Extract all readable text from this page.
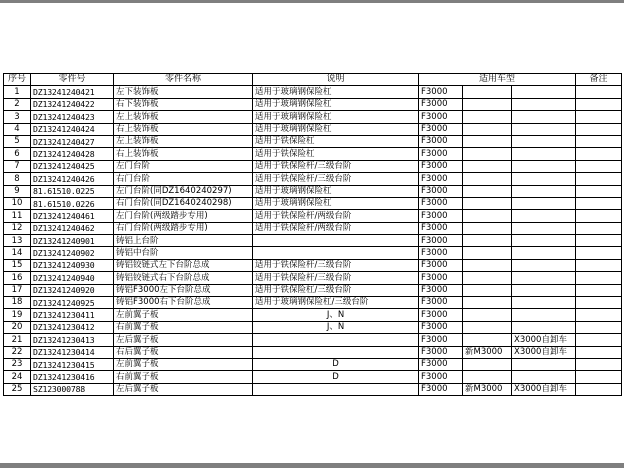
序号	零件号	零件名称	说明	适用车型			备注
1	DZ13241240421	左下装饰板	适用于玻璃钢保险杠	F3000			
2	DZ13241240422	右下装饰板	适用于玻璃钢保险杠	F3000			
3	DZ13241240423	左上装饰板	适用于玻璃钢保险杠	F3000			
4	DZ13241240424	右上装饰板	适用于玻璃钢保险杠	F3000			
5	DZ13241240427	左上装饰板	适用于铁保险杠	F3000			
6	DZ13241240428	右上装饰板	适用于铁保险杠	F3000			
7	DZ13241240425	左门台阶	适用于铁保险杆/三级台阶	F3000			
8	DZ13241240426	右门台阶	适用于铁保险杆/三级台阶	F3000			
9	81.61510.0225	左门台阶(同DZ1640240297)	适用于玻璃钢保险杠	F3000			
10	81.61510.0226	右门台阶(同DZ1640240298)	适用于玻璃钢保险杠	F3000			
11	DZ13241240461	左门台阶(两级踏步专用)	适用于铁保险杆/两级台阶	F3000			
12	DZ13241240462	右门台阶(两级踏步专用)	适用于铁保险杆/两级台阶	F3000			
13	DZ13241240901	铸铝上台阶		F3000			
14	DZ13241240902	铸铝中台阶		F3000			
15	DZ13241240930	铸铝铰链式左下台阶总成	适用于铁保险杆/三级台阶	F3000			
16	DZ13241240940	铸铝铰链式右下台阶总成	适用于铁保险杆/三级台阶	F3000			
17	DZ13241240920	铸铝F3000左下台阶总成	适用于铁保险杠/三级台阶	F3000			
18	DZ13241240925	铸铝F3000右下台阶总成	适用于玻璃钢保险杠/三级台阶	F3000			
19	DZ13241230411	左前翼子板	J、N	F3000			
20	DZ13241230412	右前翼子板	J、N	F3000			
21	DZ13241230413	左后翼子板		F3000		X3000自卸车	
22	DZ13241230414	右后翼子板		F3000	新M3000	X3000自卸车	
23	DZ13241230415	左前翼子板	D	F3000			
24	DZ13241230416	右前翼子板	D	F3000			
25	SZ123000788	左后翼子板		F3000	新M3000	X3000自卸车	
